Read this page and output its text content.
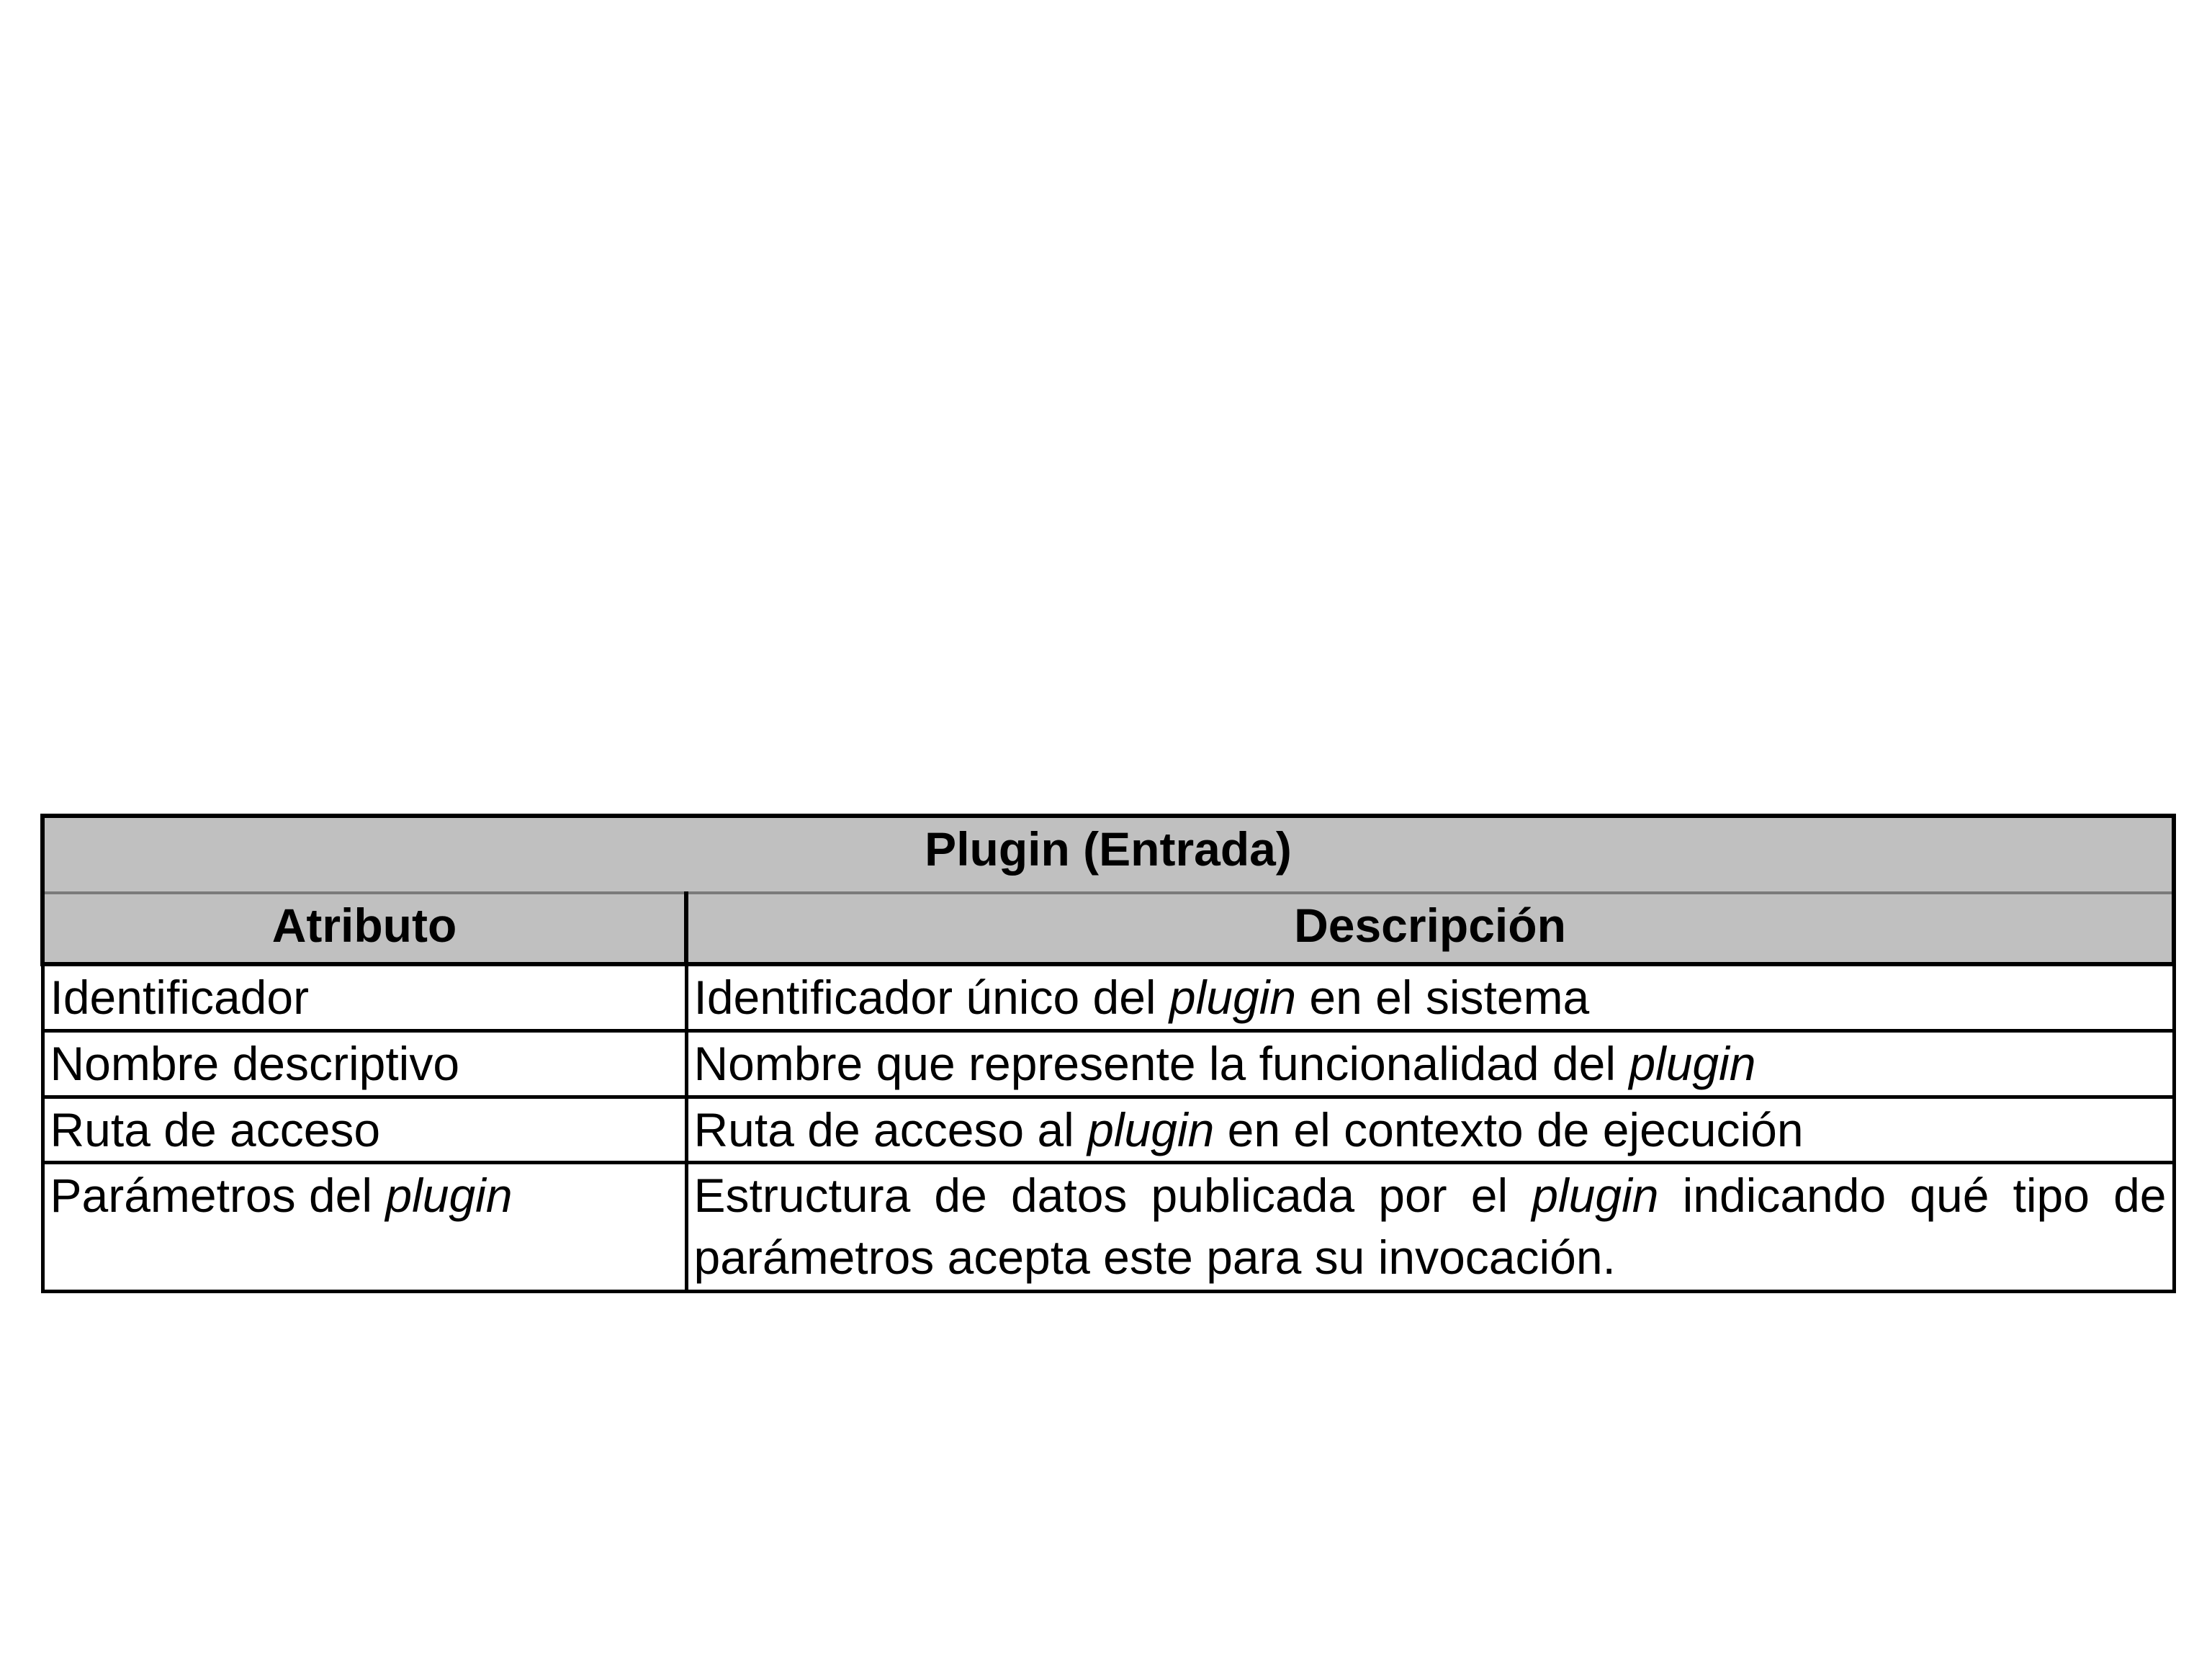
Plugin (Entrada)	
Atributo	Descripción
Identificador	Identificador único del plugin en el sistema
Nombre descriptivo	Nombre que represente la funcionalidad del plugin
Ruta de acceso	Ruta de acceso al plugin en el contexto de ejecución
Parámetros del plugin	Estructura de datos publicada por el plugin indicando qué tipo de parámetros acepta este para su invocación.
